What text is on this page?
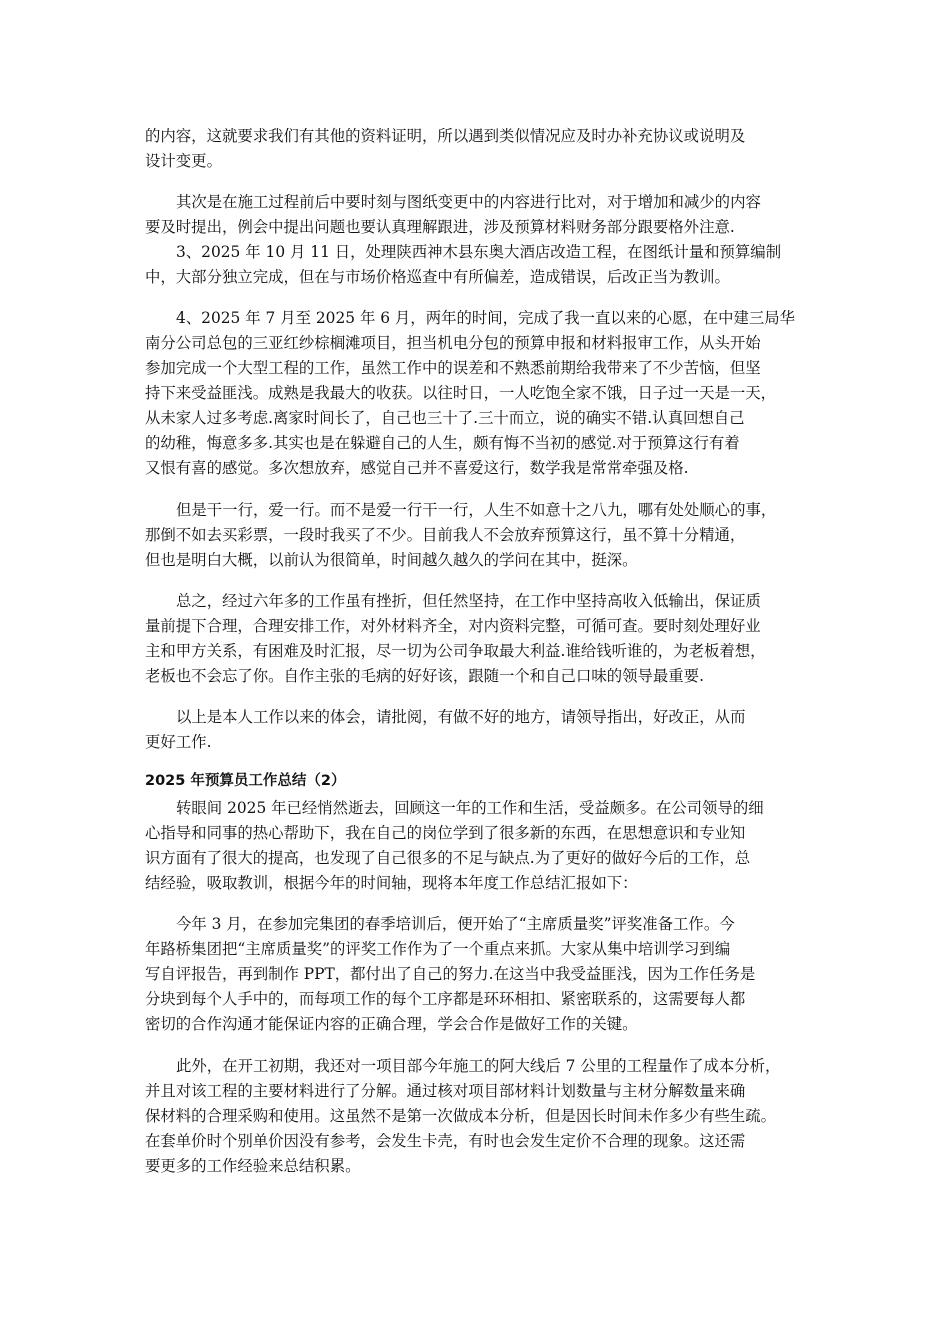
的内容，这就要求我们有其他的资料证明，所以遇到类似情况应及时办补充协议或说明及
设计变更。
其次是在施工过程前后中要时刻与图纸变更中的内容进行比对，对于增加和减少的内容
要及时提出，例会中提出问题也要认真理解跟进，涉及预算材料财务部分跟要格外注意.
3、2025 年 10 月 11 日，处理陕西神木县东奥大酒店改造工程，在图纸计量和预算编制
中，大部分独立完成，但在与市场价格巡查中有所偏差，造成错误，后改正当为教训。
4、2025 年 7 月至 2025 年 6 月，两年的时间，完成了我一直以来的心愿，在中建三局华
南分公司总包的三亚红纱棕榈滩项目，担当机电分包的预算申报和材料报审工作，从头开始
参加完成一个大型工程的工作，虽然工作中的误差和不熟悉前期给我带来了不少苦恼，但坚
持下来受益匪浅。成熟是我最大的收获。以往时日，一人吃饱全家不饿，日子过一天是一天，
从未家人过多考虑.离家时间长了，自己也三十了.三十而立，说的确实不错.认真回想自己
的幼稚，悔意多多.其实也是在躲避自己的人生，颇有悔不当初的感觉.对于预算这行有着
又恨有喜的感觉。多次想放弃，感觉自己并不喜爱这行，数学我是常常牵强及格.
但是干一行，爱一行。而不是爱一行干一行，人生不如意十之八九，哪有处处顺心的事，
那倒不如去买彩票，一段时我买了不少。目前我人不会放弃预算这行，虽不算十分精通，
但也是明白大概，以前认为很简单，时间越久越久的学问在其中，挺深。
总之，经过六年多的工作虽有挫折，但任然坚持，在工作中坚持高收入低输出，保证质
量前提下合理，合理安排工作，对外材料齐全，对内资料完整，可循可查。要时刻处理好业
主和甲方关系，有困难及时汇报，尽一切为公司争取最大利益.谁给钱听谁的，为老板着想，
老板也不会忘了你。自作主张的毛病的好好该，跟随一个和自己口味的领导最重要.
以上是本人工作以来的体会，请批阅，有做不好的地方，请领导指出，好改正，从而
更好工作.
2025 年预算员工作总结（2）
转眼间 2025 年已经悄然逝去，回顾这一年的工作和生活，受益颇多。在公司领导的细
心指导和同事的热心帮助下，我在自己的岗位学到了很多新的东西，在思想意识和专业知
识方面有了很大的提高，也发现了自己很多的不足与缺点.为了更好的做好今后的工作，总
结经验，吸取教训，根据今年的时间轴，现将本年度工作总结汇报如下：
今年 3 月，在参加完集团的春季培训后，便开始了“主席质量奖”评奖准备工作。今
年路桥集团把“主席质量奖”的评奖工作作为了一个重点来抓。大家从集中培训学习到编
写自评报告，再到制作 PPT，都付出了自己的努力.在这当中我受益匪浅，因为工作任务是
分块到每个人手中的，而每项工作的每个工序都是环环相扣、紧密联系的，这需要每人都
密切的合作沟通才能保证内容的正确合理，学会合作是做好工作的关键。
此外，在开工初期，我还对一项目部今年施工的阿大线后 7 公里的工程量作了成本分析，
并且对该工程的主要材料进行了分解。通过核对项目部材料计划数量与主材分解数量来确
保材料的合理采购和使用。这虽然不是第一次做成本分析，但是因长时间未作多少有些生疏。
在套单价时个别单价因没有参考，会发生卡壳，有时也会发生定价不合理的现象。这还需
要更多的工作经验来总结积累。
